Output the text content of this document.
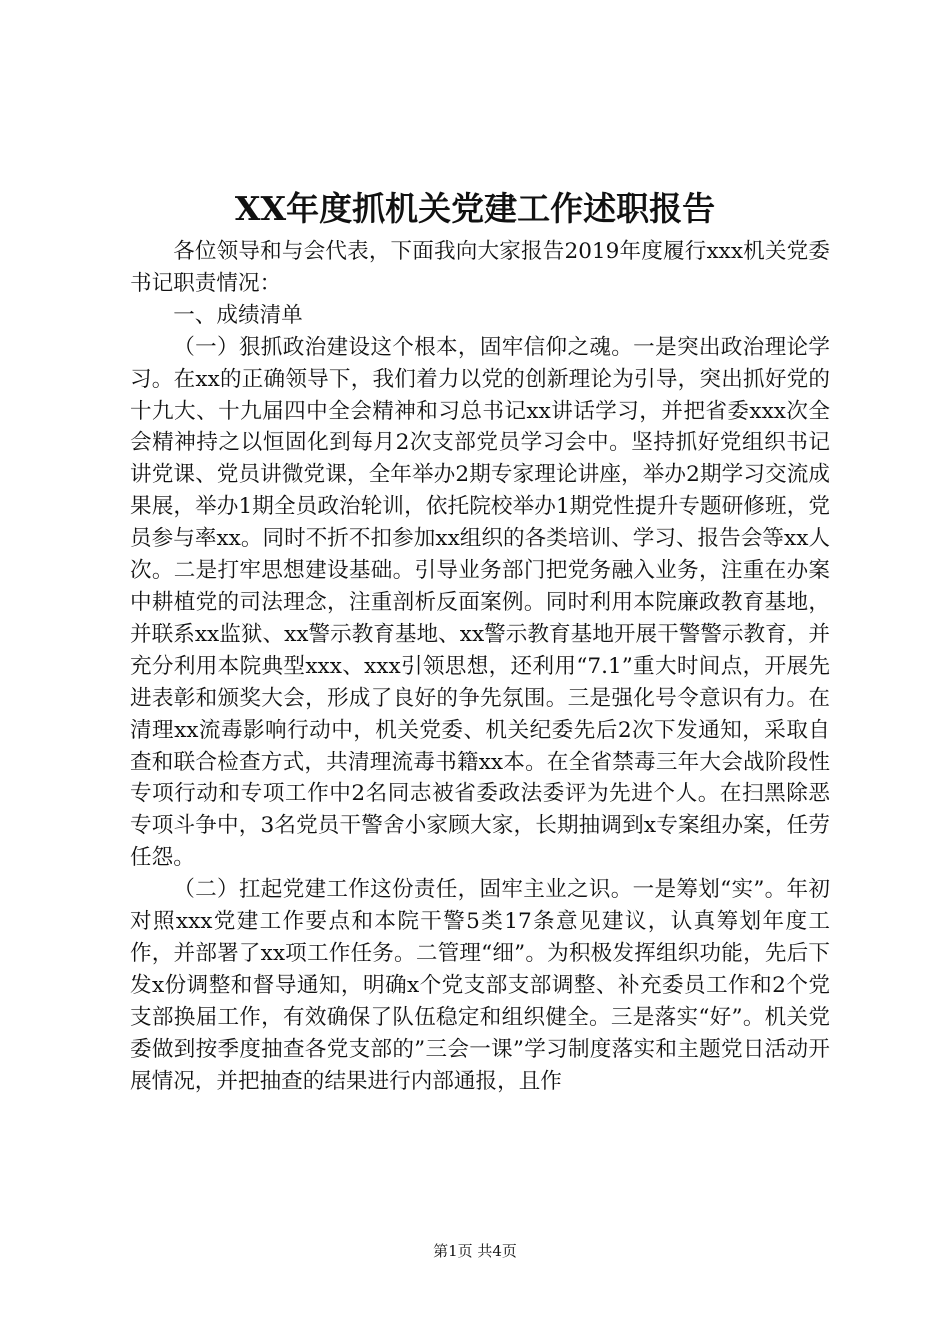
XX年度抓机关党建工作述职报告

各位领导和与会代表，下面我向大家报告2019年度履行xxx机关党委书记职责情况：

一、成绩清单

（一）狠抓政治建设这个根本，固牢信仰之魂。一是突出政治理论学习。在xx的正确领导下，我们着力以党的创新理论为引导，突出抓好党的十九大、十九届四中全会精神和习总书记xx讲话学习，并把省委xxx次全会精神持之以恒固化到每月2次支部党员学习会中。坚持抓好党组织书记讲党课、党员讲微党课，全年举办2期专家理论讲座，举办2期学习交流成果展，举办1期全员政治轮训，依托院校举办1期党性提升专题研修班，党员参与率xx。同时不折不扣参加xx组织的各类培训、学习、报告会等xx人次。二是打牢思想建设基础。引导业务部门把党务融入业务，注重在办案中耕植党的司法理念，注重剖析反面案例。同时利用本院廉政教育基地，并联系xx监狱、xx警示教育基地、xx警示教育基地开展干警警示教育，并充分利用本院典型xxx、xxx引领思想，还利用“7.1”重大时间点，开展先进表彰和颁奖大会，形成了良好的争先氛围。三是强化号令意识有力。在清理xx流毒影响行动中，机关党委、机关纪委先后2次下发通知，采取自查和联合检查方式，共清理流毒书籍xx本。在全省禁毒三年大会战阶段性专项行动和专项工作中2名同志被省委政法委评为先进个人。在扫黑除恶专项斗争中，3名党员干警舍小家顾大家，长期抽调到x专案组办案，任劳任怨。

（二）扛起党建工作这份责任，固牢主业之识。一是筹划“实”。年初对照xxx党建工作要点和本院干警5类17条意见建议，认真筹划年度工作，并部署了xx项工作任务。二管理“细”。为积极发挥组织功能，先后下发x份调整和督导通知，明确x个党支部支部调整、补充委员工作和2个党支部换届工作，有效确保了队伍稳定和组织健全。三是落实“好”。机关党委做到按季度抽查各党支部的”三会一课”学习制度落实和主题党日活动开展情况，并把抽查的结果进行内部通报，且作

第1页 共4页
